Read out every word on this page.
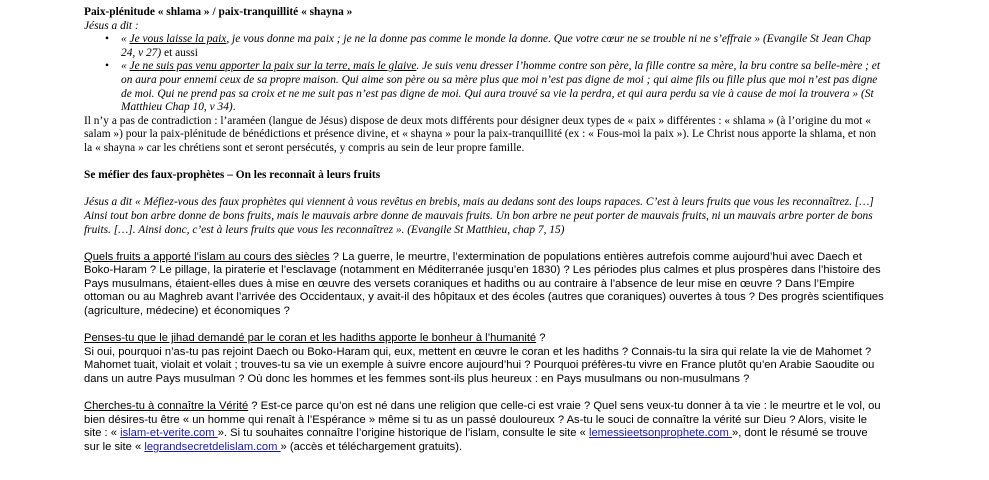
Paix-plénitude « shlama » / paix-tranquillité « shayna »

Jésus a dit :

• « Je vous laisse la paix, je vous donne ma paix ; je ne la donne pas comme le monde la donne. Que votre cœur ne se trouble ni ne s’effraie » (Evangile St Jean Chap 24, v 27) et aussi
• « Je ne suis pas venu apporter la paix sur la terre, mais le glaive. Je suis venu dresser l’homme contre son père, la fille contre sa mère, la bru contre sa belle-mère ; et on aura pour ennemi ceux de sa propre maison. Qui aime son père ou sa mère plus que moi n’est pas digne de moi ; qui aime fils ou fille plus que moi n’est pas digne de moi. Qui ne prend pas sa croix et ne me suit pas n’est pas digne de moi. Qui aura trouvé sa vie la perdra, et qui aura perdu sa vie à cause de moi la trouvera » (St Matthieu Chap 10, v 34).

Il n’y a pas de contradiction : l’araméen (langue de Jésus) dispose de deux mots différents pour désigner deux types de « paix » différentes : « shlama » (à l’origine du mot « salam ») pour la paix-plénitude de bénédictions et présence divine, et « shayna » pour la paix-tranquillité (ex : « Fous-moi la paix »). Le Christ nous apporte la shlama, et non la « shayna » car les chrétiens sont et seront persécutés, y compris au sein de leur propre famille.

Se méfier des faux-prophètes – On les reconnaît à leurs fruits

Jésus a dit « Méfiez-vous des faux prophètes qui viennent à vous revêtus en brebis, mais au dedans sont des loups rapaces. C’est à leurs fruits que vous les reconnaîtrez. […] Ainsi tout bon arbre donne de bons fruits, mais le mauvais arbre donne de mauvais fruits. Un bon arbre ne peut porter de mauvais fruits, ni un mauvais arbre porter de bons fruits. […]. Ainsi donc, c’est à leurs fruits que vous les reconnaîtrez ». (Evangile St Matthieu, chap 7, 15)

Quels fruits a apporté l’islam au cours des siècles ? La guerre, le meurtre, l’extermination de populations entières autrefois comme aujourd’hui avec Daech et Boko-Haram ? Le pillage, la piraterie et l’esclavage (notamment en Méditerranée jusqu’en 1830) ? Les périodes plus calmes et plus prospères dans l’histoire des Pays musulmans, étaient-elles dues à mise en œuvre des versets coraniques et hadiths ou au contraire à l’absence de leur mise en œuvre ? Dans l’Empire ottoman ou au Maghreb avant l’arrivée des Occidentaux, y avait-il des hôpitaux et des écoles (autres que coraniques) ouvertes à tous ? Des progrès scientifiques (agriculture, médecine) et économiques ?

Penses-tu que le jihad demandé par le coran et les hadiths apporte le bonheur à l’humanité ?

Si oui, pourquoi n’as-tu pas rejoint Daech ou Boko-Haram qui, eux, mettent en œuvre le coran et les hadiths ? Connais-tu la sira qui relate la vie de Mahomet ? Mahomet tuait, violait et volait ; trouves-tu sa vie un exemple à suivre encore aujourd’hui ? Pourquoi préfères-tu vivre en France plutôt qu’en Arabie Saoudite ou dans un autre Pays musulman ? Où donc les hommes et les femmes sont-ils plus heureux : en Pays musulmans ou non-musulmans ?

Cherches-tu à connaître la Vérité ? Est-ce parce qu’on est né dans une religion que celle-ci est vraie ? Quel sens veux-tu donner à ta vie : le meurtre et le vol, ou bien désires-tu être « un homme qui renaît à l’Espérance » même si tu as un passé douloureux ? As-tu le souci de connaître la vérité sur Dieu ? Alors, visite le site : « islam-et-verite.com ». Si tu souhaites connaître l’origine historique de l’islam, consulte le site « lemessieetsonprophete.com », dont le résumé se trouve sur le site « legrandsecretdelislam.com » (accès et téléchargement gratuits).
